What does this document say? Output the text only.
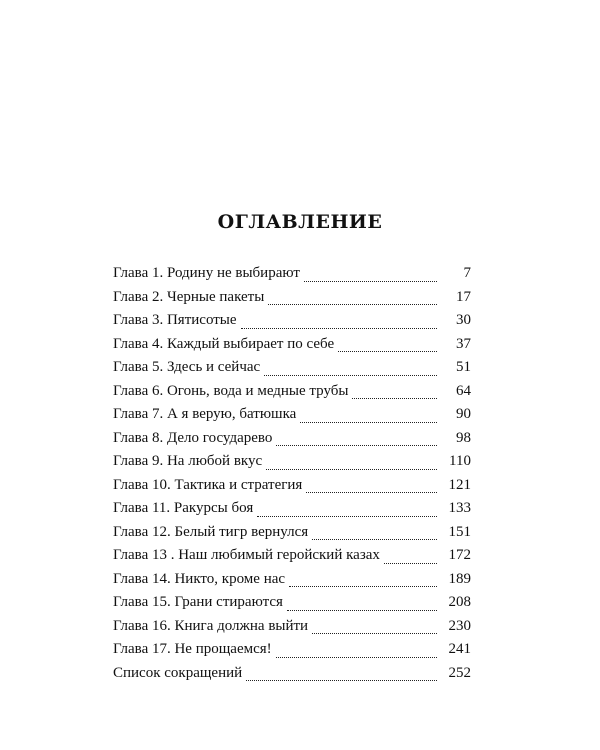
ОГЛАВЛЕНИЕ
Глава 1. Родину не выбирают	7
Глава 2. Черные пакеты	17
Глава 3. Пятисотые	30
Глава 4. Каждый выбирает по себе	37
Глава 5. Здесь и сейчас	51
Глава 6. Огонь, вода и медные трубы	64
Глава 7. А я верую, батюшка	90
Глава 8. Дело государево	98
Глава 9. На любой вкус	110
Глава 10. Тактика и стратегия	121
Глава 11. Ракурсы боя	133
Глава 12. Белый тигр вернулся	151
Глава 13 . Наш любимый геройский казах	172
Глава 14. Никто, кроме нас	189
Глава 15. Грани стираются	208
Глава 16. Книга должна выйти	230
Глава 17. Не прощаемся!	241
Список сокращений	252
